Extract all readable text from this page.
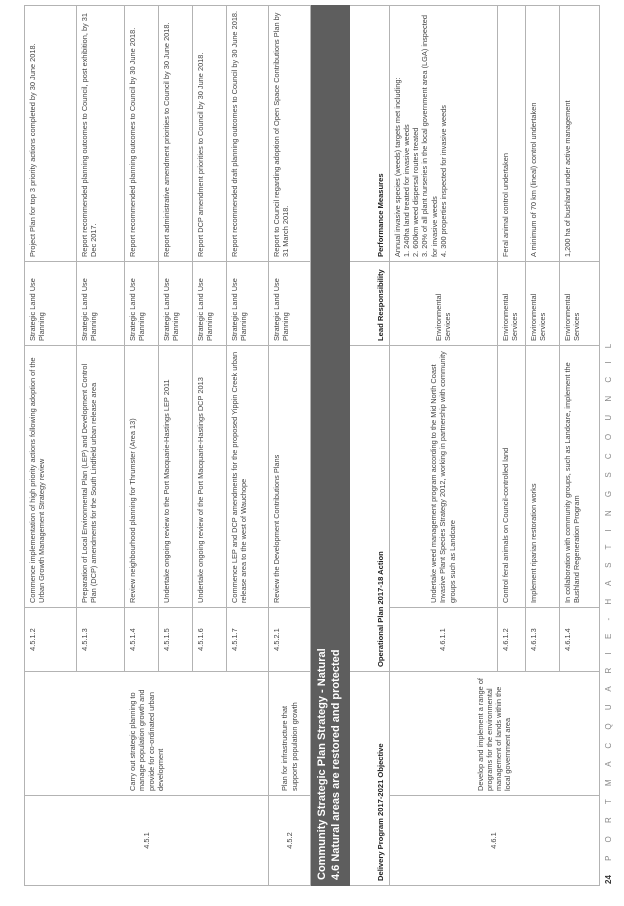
4.5.1	Carry out strategic planning to manage population growth and provide for co-ordinated urban development	4.5.1.2	Commence implementation of high priority actions following adoption of the Urban Growth Management Strategy review	Strategic Land Use Planning	Project Plan for top 3 priority actions completed by 30 June 2018.
		4.5.1.3	Preparation of Local Environmental Plan (LEP) and Development Control Plan (DCP) amendments for the South Lindfield urban release area	Strategic Land Use Planning	Report recommended planning outcomes to Council, post exhibition, by 31 Dec 2017.
		4.5.1.4	Review neighbourhood planning for Thrumster (Area 13)	Strategic Land Use Planning	Report recommended planning outcomes to Council by 30 June 2018.
		4.5.1.5	Undertake ongoing review to the Port Macquarie-Hastings LEP 2011	Strategic Land Use Planning	Report administrative amendment priorities to Council by 30 June 2018.
		4.5.1.6	Undertake ongoing review of the Port Macquarie-Hastings DCP 2013	Strategic Land Use Planning	Report DCP amendment priorities to Council by 30 June 2018.
		4.5.1.7	Commence LEP and DCP amendments for the proposed Yippin Creek urban release area to the west of Wauchope	Strategic Land Use Planning	Report recommended draft planning outcomes to Council by 30 June 2018.
4.5.2	Plan for infrastructure that supports population growth	4.5.2.1	Review the Development Contributions Plans	Strategic Land Use Planning	Report to Council regarding adoption of Open Space Contributions Plan by 31 March 2018.

Community Strategic Plan Strategy - Natural 4.6 Natural areas are restored and protected					

Delivery Program 2017-2021 Objective		Operational Plan 2017-18 Action		Lead Responsibility	Performance Measures
4.6.1	Develop and implement a range of programs for the environmental management of lands within the local government area	4.6.1.1	Undertake weed management program according to the Mid North Coast Invasive Plant Species Strategy 2012, working in partnership with community groups such as Landcare	Environmental Services	Annual invasive species (weeds) targets met including:
1. 240ha land treated for invasive weeds
2. 600km weed dispersal routes treated
3. 20% of all plant nurseries in the local government area (LGA) inspected for invasive weeds
4. 300 properties inspected for invasive weeds
		4.6.1.2	Control feral animals on Council-controlled land	Environmental Services	Feral animal control undertaken
		4.6.1.3	Implement riparian restoration works	Environmental Services	A minimum of 70 km (lineal) control undertaken
		4.6.1.4	In collaboration with community groups, such as Landcare, implement the Bushland Regeneration Program	Environmental Services	1,200 ha of bushland under active management
24 P O R T M A C Q U A R I E - H A S T I N G S C O U N C I L
